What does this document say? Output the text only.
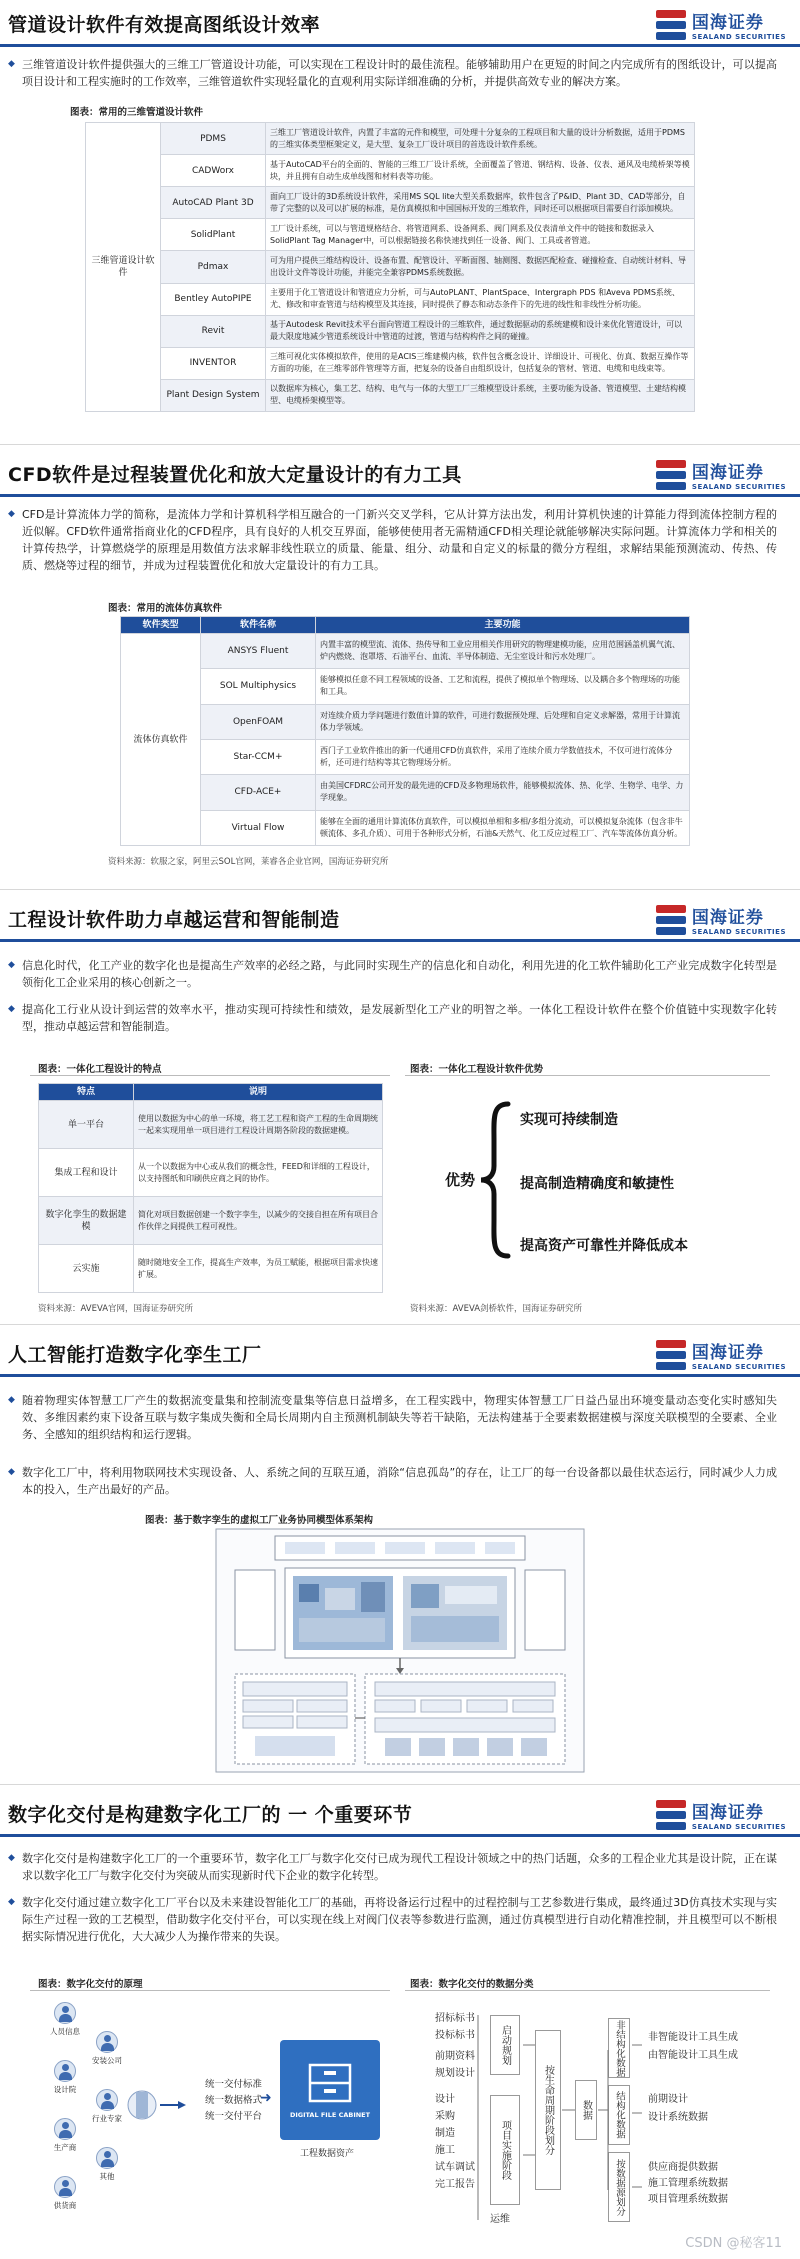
管道设计软件有效提高图纸设计效率	国海证券
SEALAND SECURITIES
◆ 三维管道设计软件提供强大的三维工厂管道设计功能，可以实现在工程设计时的最佳流程。能够辅助用户在更短的时间之内完成所有的图纸设计，可以提高项目设计和工程实施时的工作效率，三维管道软件实现轻量化的直观利用实际详细准确的分析，并提供高效专业的解决方案。
图表：常用的三维管道设计软件
三维管道设计软件	PDMS	三维工厂管道设计软件，内置了丰富的元件和模型，可处理十分复杂的工程项目和大量的设计分析数据，适用于PDMS的三维实体类型框架定义，是大型、复杂工厂设计项目的首选设计软件系统。
	CADWorx	基于AutoCAD平台的全面的、智能的三维工厂设计系统，全面覆盖了管道、钢结构、设备、仪表、通风及电缆桥架等模块，并且拥有自动生成单线图和材料表等功能。
	AutoCAD Plant 3D	面向工厂设计的3D系统设计软件，采用MS SQL lite大型关系数据库，软件包含了P&ID、Plant 3D、CAD等部分，自带了完整的以及可以扩展的标准，是仿真模拟和中国国标开发的三维软件，同时还可以根据项目需要自行添加模块。
	SolidPlant	工厂设计系统，可以与管道规格结合、将管道网系、设备网系、阀门网系及仪表清单文件中的链接和数据录入SolidPlant Tag Manager中，可以根据链接名称快速找到任一设备、阀门、工具或者管道。
	Pdmax	可为用户提供三维结构设计、设备布置、配管设计、平断面图、轴测图、数据匹配检查、碰撞检查、自动统计材料、导出设计文件等设计功能，并能完全兼容PDMS系统数据。
	Bentley AutoPIPE	主要用于化工管道设计和管道应力分析，可与AutoPLANT、PlantSpace、Intergraph PDS 和Aveva PDMS系统、尤、修改和审查管道与结构模型及其连接，同时提供了静态和动态条件下的先进的线性和非线性分析功能。
	Revit	基于Autodesk Revit技术平台面向管道工程设计的三维软件，通过数据驱动的系统建模和设计来优化管道设计，可以最大限度地减少管道系统设计中管道的过渡，管道与结构构件之间的碰撞。
	INVENTOR	三维可视化实体模拟软件，使用的是ACIS三维建模内核，软件包含概念设计、详细设计、可视化、仿真、数据互操作等方面的功能，在三维零部件管理等方面，把复杂的设备自由组织设计，包括复杂的管材、管道、电缆和电线束等。
	Plant Design System	以数据库为核心，集工艺、结构、电气与一体的大型工厂三维模型设计系统，主要功能为设备、管道模型、土建结构模型、电缆桥架模型等。
CFD软件是过程装置优化和放大定量设计的有力工具	国海证券
SEALAND SECURITIES
◆ CFD是计算流体力学的简称，是流体力学和计算机科学相互融合的一门新兴交叉学科，它从计算方法出发，利用计算机快速的计算能力得到流体控制方程的近似解。CFD软件通常指商业化的CFD程序，具有良好的人机交互界面，能够使使用者无需精通CFD相关理论就能够解决实际问题。计算流体力学和相关的计算传热学，计算燃烧学的原理是用数值方法求解非线性联立的质量、能量、组分、动量和自定义的标量的微分方程组，求解结果能预测流动、传热、传质、燃烧等过程的细节，并成为过程装置优化和放大定量设计的有力工具。
图表：常用的流体仿真软件
软件类型	软件名称	主要功能
流体仿真软件	ANSYS Fluent	内置丰富的模型流、流体、热传导和工业应用相关作用研究的物理建模功能，应用范围涵盖机翼气流、炉内燃烧、泡罩塔、石油平台、血流、半导体制造、无尘室设计和污水处理厂。
	SOL Multiphysics	能够模拟任意不同工程领域的设备、工艺和流程，提供了模拟单个物理场、以及耦合多个物理场的功能和工具。
	OpenFOAM	对连续介质力学问题进行数值计算的软件，可进行数据预处理、后处理和自定义求解器，常用于计算流体力学领域。
	Star-CCM+	西门子工业软件推出的新一代通用CFD仿真软件，采用了连续介质力学数值技术，不仅可进行流体分析，还可进行结构等其它物理场分析。
	CFD-ACE+	由美国CFDRC公司开发的最先进的CFD及多物理场软件，能够模拟流体、热、化学、生物学、电学、力学现象。
	Virtual Flow	能够在全面的通用计算流体仿真软件，可以模拟单相和多相/多组分流动，可以模拟复杂流体（包含非牛顿流体、多孔介质）、可用于各种形式分析，石油&天然气、化工反应过程工厂、汽车等流体仿真分析。
资料来源：软服之家，阿里云SOL官网，莱睿各企业官网，国海证券研究所
工程设计软件助力卓越运营和智能制造	国海证券
SEALAND SECURITIES
◆ 信息化时代，化工产业的数字化也是提高生产效率的必经之路，与此同时实现生产的信息化和自动化，利用先进的化工软件辅助化工产业完成数字化转型是领衔化工企业采用的核心创新之一。
◆ 提高化工行业从设计到运营的效率水平，推动实现可持续性和绩效，是发展新型化工产业的明智之举。一体化工程设计软件在整个价值链中实现数字化转型，推动卓越运营和智能制造。
图表：一体化工程设计的特点
特点	说明
单一平台	使用以数据为中心的单一环境，将工艺工程和资产工程的生命周期统一起来实现用单一项目进行工程设计周期各阶段的数据建模。
集成工程和设计	从一个以数据为中心或从我们的概念性，FEED和详细的工程设计，以支持图纸和印刷供应商之间的协作。
数字化孪生的数据建模	简化对项目数据创建一个数字孪生，以减少的交接自担在所有项目合作伙伴之间提供工程可视性。
云实施	随时随地安全工作，提高生产效率，为员工赋能，根据项目需求快速扩展。
资料来源：AVEVA官网，国海证券研究所
图表：一体化工程设计软件优势
优势
实现可持续制造
提高制造精确度和敏捷性
提高资产可靠性并降低成本
资料来源：AVEVA剑桥软件，国海证券研究所
人工智能打造数字化孪生工厂	国海证券
SEALAND SECURITIES
◆ 随着物理实体智慧工厂产生的数据流变量集和控制流变量集等信息日益增多，在工程实践中，物理实体智慧工厂日益凸显出环境变量动态变化实时感知失效、多维因素约束下设备互联与数字集成失衡和全局长周期内自主预测机制缺失等若干缺陷，无法构建基于全要素数据建模与深度关联模型的全要素、全业务、全感知的组织结构和运行逻辑。
◆ 数字化工厂中，将利用物联网技术实现设备、人、系统之间的互联互通，消除“信息孤岛”的存在，让工厂的每一台设备都以最佳状态运行，同时减少人力成本的投入，生产出最好的产品。
图表：基于数字孪生的虚拟工厂业务协同模型体系架构
数字化交付是构建数字化工厂的 一 个重要环节	国海证券
SEALAND SECURITIES
◆ 数字化交付是构建数字化工厂的一个重要环节，数字化工厂与数字化交付已成为现代工程设计领域之中的热门话题，众多的工程企业尤其是设计院，正在谋求以数字化工厂与数字化交付为突破从而实现新时代下企业的数字化转型。
◆ 数字化交付通过建立数字化工厂平台以及未来建设智能化工厂的基础，再将设备运行过程中的过程控制与工艺参数进行集成，最终通过3D仿真技术实现与实际生产过程一致的工艺模型，借助数字化交付平台，可以实现在线上对阀门仪表等参数进行监测，通过仿真模型进行自动化精准控制，并且模型可以不断根据实际情况进行优化，大大减少人为操作带来的失误。
图表：数字化交付的原理
人员信息
设计院
生产商
供货商
安装公司
行业专家
其他
统一交付标准
统一数据格式
统一交付平台
➜
DIGITAL FILE CABINET
工程数据资产
图表：数字化交付的数据分类
招标标书
投标标书
前期资料
规划设计
设计
采购
制造
施工
试车调试
完工报告
运维
启动规划
项目实施阶段	按生命周期阶段划分	数据
非结构化数据
结构化数据
按数据源划分
非智能设计工具生成
由智能设计工具生成
前期设计
设计系统数据
供应商提供数据
施工管理系统数据
项目管理系统数据
CSDN @秘客11
